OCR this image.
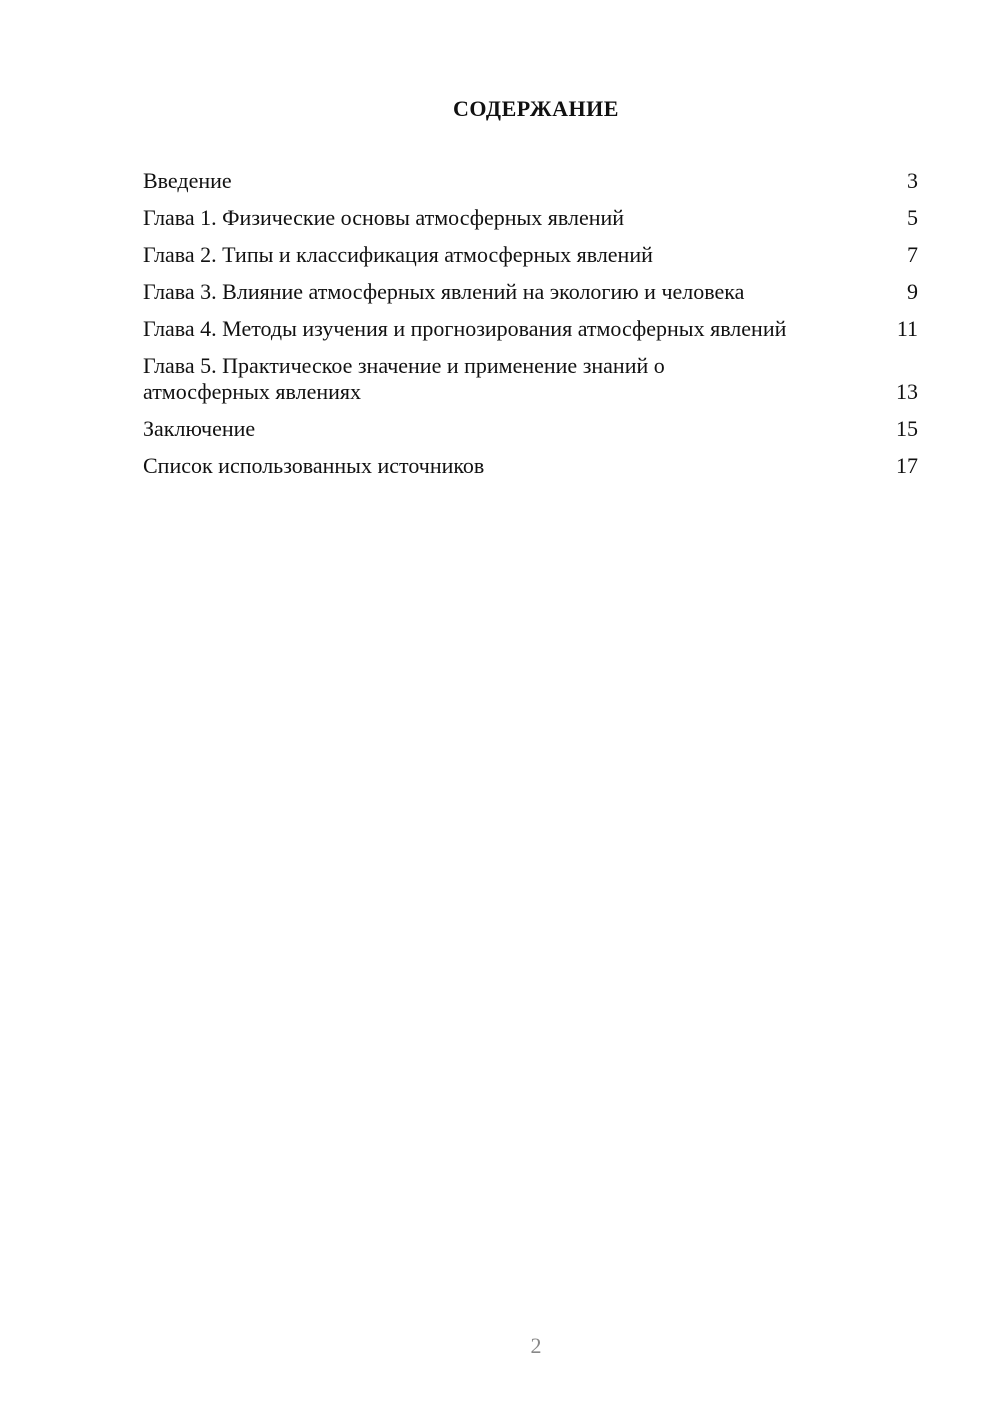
СОДЕРЖАНИЕ
Введение	3
Глава 1. Физические основы атмосферных явлений	5
Глава 2. Типы и классификация атмосферных явлений	7
Глава 3. Влияние атмосферных явлений на экологию и человека	9
Глава 4. Методы изучения и прогнозирования атмосферных явлений	11
Глава 5. Практическое значение и применение знаний о атмосферных явлениях	13
Заключение	15
Список использованных источников	17
2
